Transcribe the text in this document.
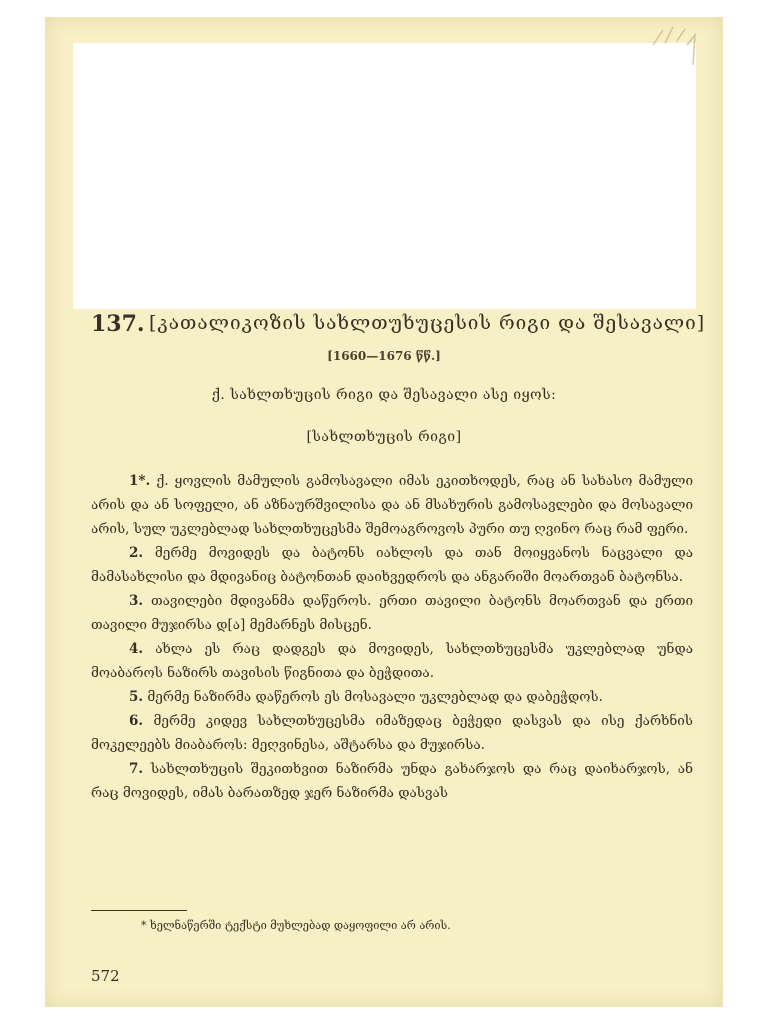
137. [კათალიკოზის სახლთუხუცესის რიგი და შესავალი]
[1660—1676 წწ.]
ქ. სახლთხუცის რიგი და შესავალი ასე იყოს:
[სახლთხუცის რიგი]

1*. ქ. ყოვლის მამულის გამოსავალი იმას ეკითხოდეს, რაც ან სახასო მამული არის და ან სოფელი, ან აზნაურშვილისა და ან მსახურის გამოსავლები და მოსავალი არის, სულ უკლებლად სახლთხუცესმა შემოაგროვოს პური თუ ღვინო რაც რამ ფერი.

2. მერმე მოვიდეს და ბატონს იახლოს და თან მოიყვანოს ნაცვალი და მამასახლისი და მდივანიც ბატონთან დაიხვედროს და ანგარიში მოართვან ბატონსა.

3. თავილები მდივანმა დაწეროს. ერთი თავილი ბატონს მოართვან და ერთი თავილი მუჯირსა დ[ა] მემარნეს მისცენ.

4. ახლა ეს რაც დადგეს და მოვიდეს, სახლთხუცესმა უკლებლად უნდა მოაბაროს ნაზირს თავისის წიგნითა და ბეჭდითა.

5. მერმე ნაზირმა დაწეროს ეს მოსავალი უკლებლად და დაბეჭდოს.

6. მერმე კიდევ სახლთხუცესმა იმაზედაც ბეჭედი დასვას და ისე ქარხნის მოკელეებს მიაბაროს: მეღვინესა, აშტარსა და მუჯირსა.

7. სახლთხუცის შეკითხვით ნაზირმა უნდა გახარჯოს და რაც დაიხარჯოს, ან რაც მოვიდეს, იმას ბარათზედ ჯერ ნაზირმა დასვას

* ხელნაწერში ტექსტი მუხლებად დაყოფილი არ არის.
572
